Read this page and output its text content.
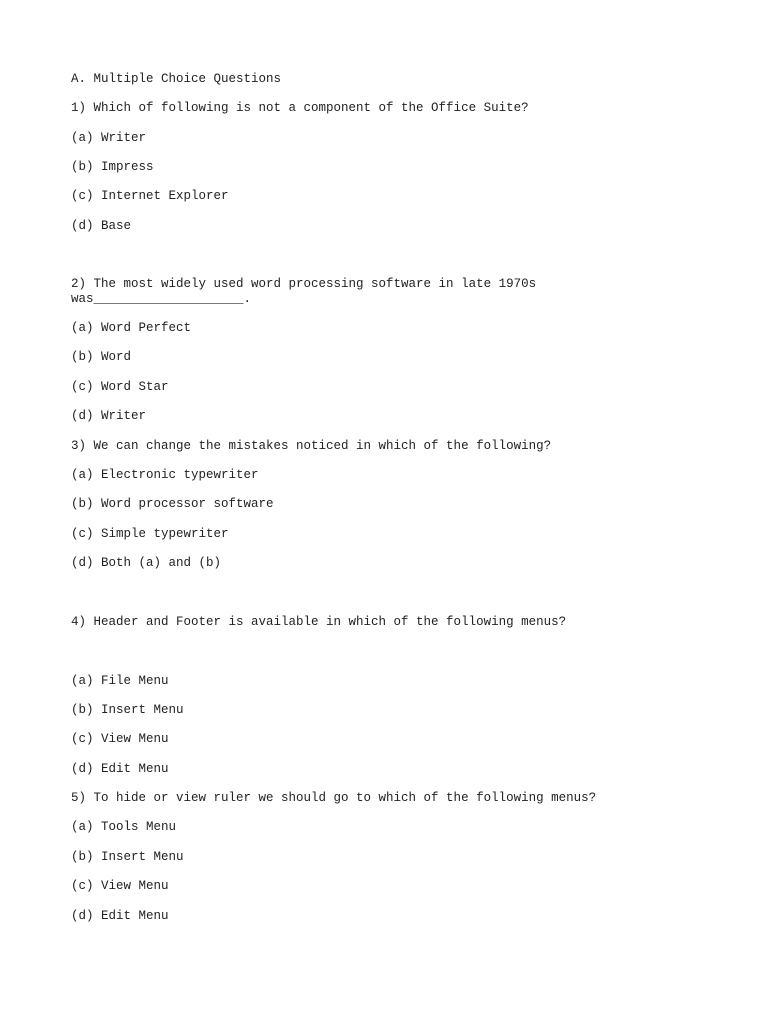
A. Multiple Choice Questions

1) Which of following is not a component of the Office Suite?

(a) Writer

(b) Impress

(c) Internet Explorer

(d) Base

2) The most widely used word processing software in late 1970s

was____________________.

(a) Word Perfect

(b) Word

(c) Word Star

(d) Writer

3) We can change the mistakes noticed in which of the following?

(a) Electronic typewriter

(b) Word processor software

(c) Simple typewriter

(d) Both (a) and (b)

4) Header and Footer is available in which of the following menus?

(a) File Menu

(b) Insert Menu

(c) View Menu

(d) Edit Menu

5) To hide or view ruler we should go to which of the following menus?

(a) Tools Menu

(b) Insert Menu

(c) View Menu

(d) Edit Menu
